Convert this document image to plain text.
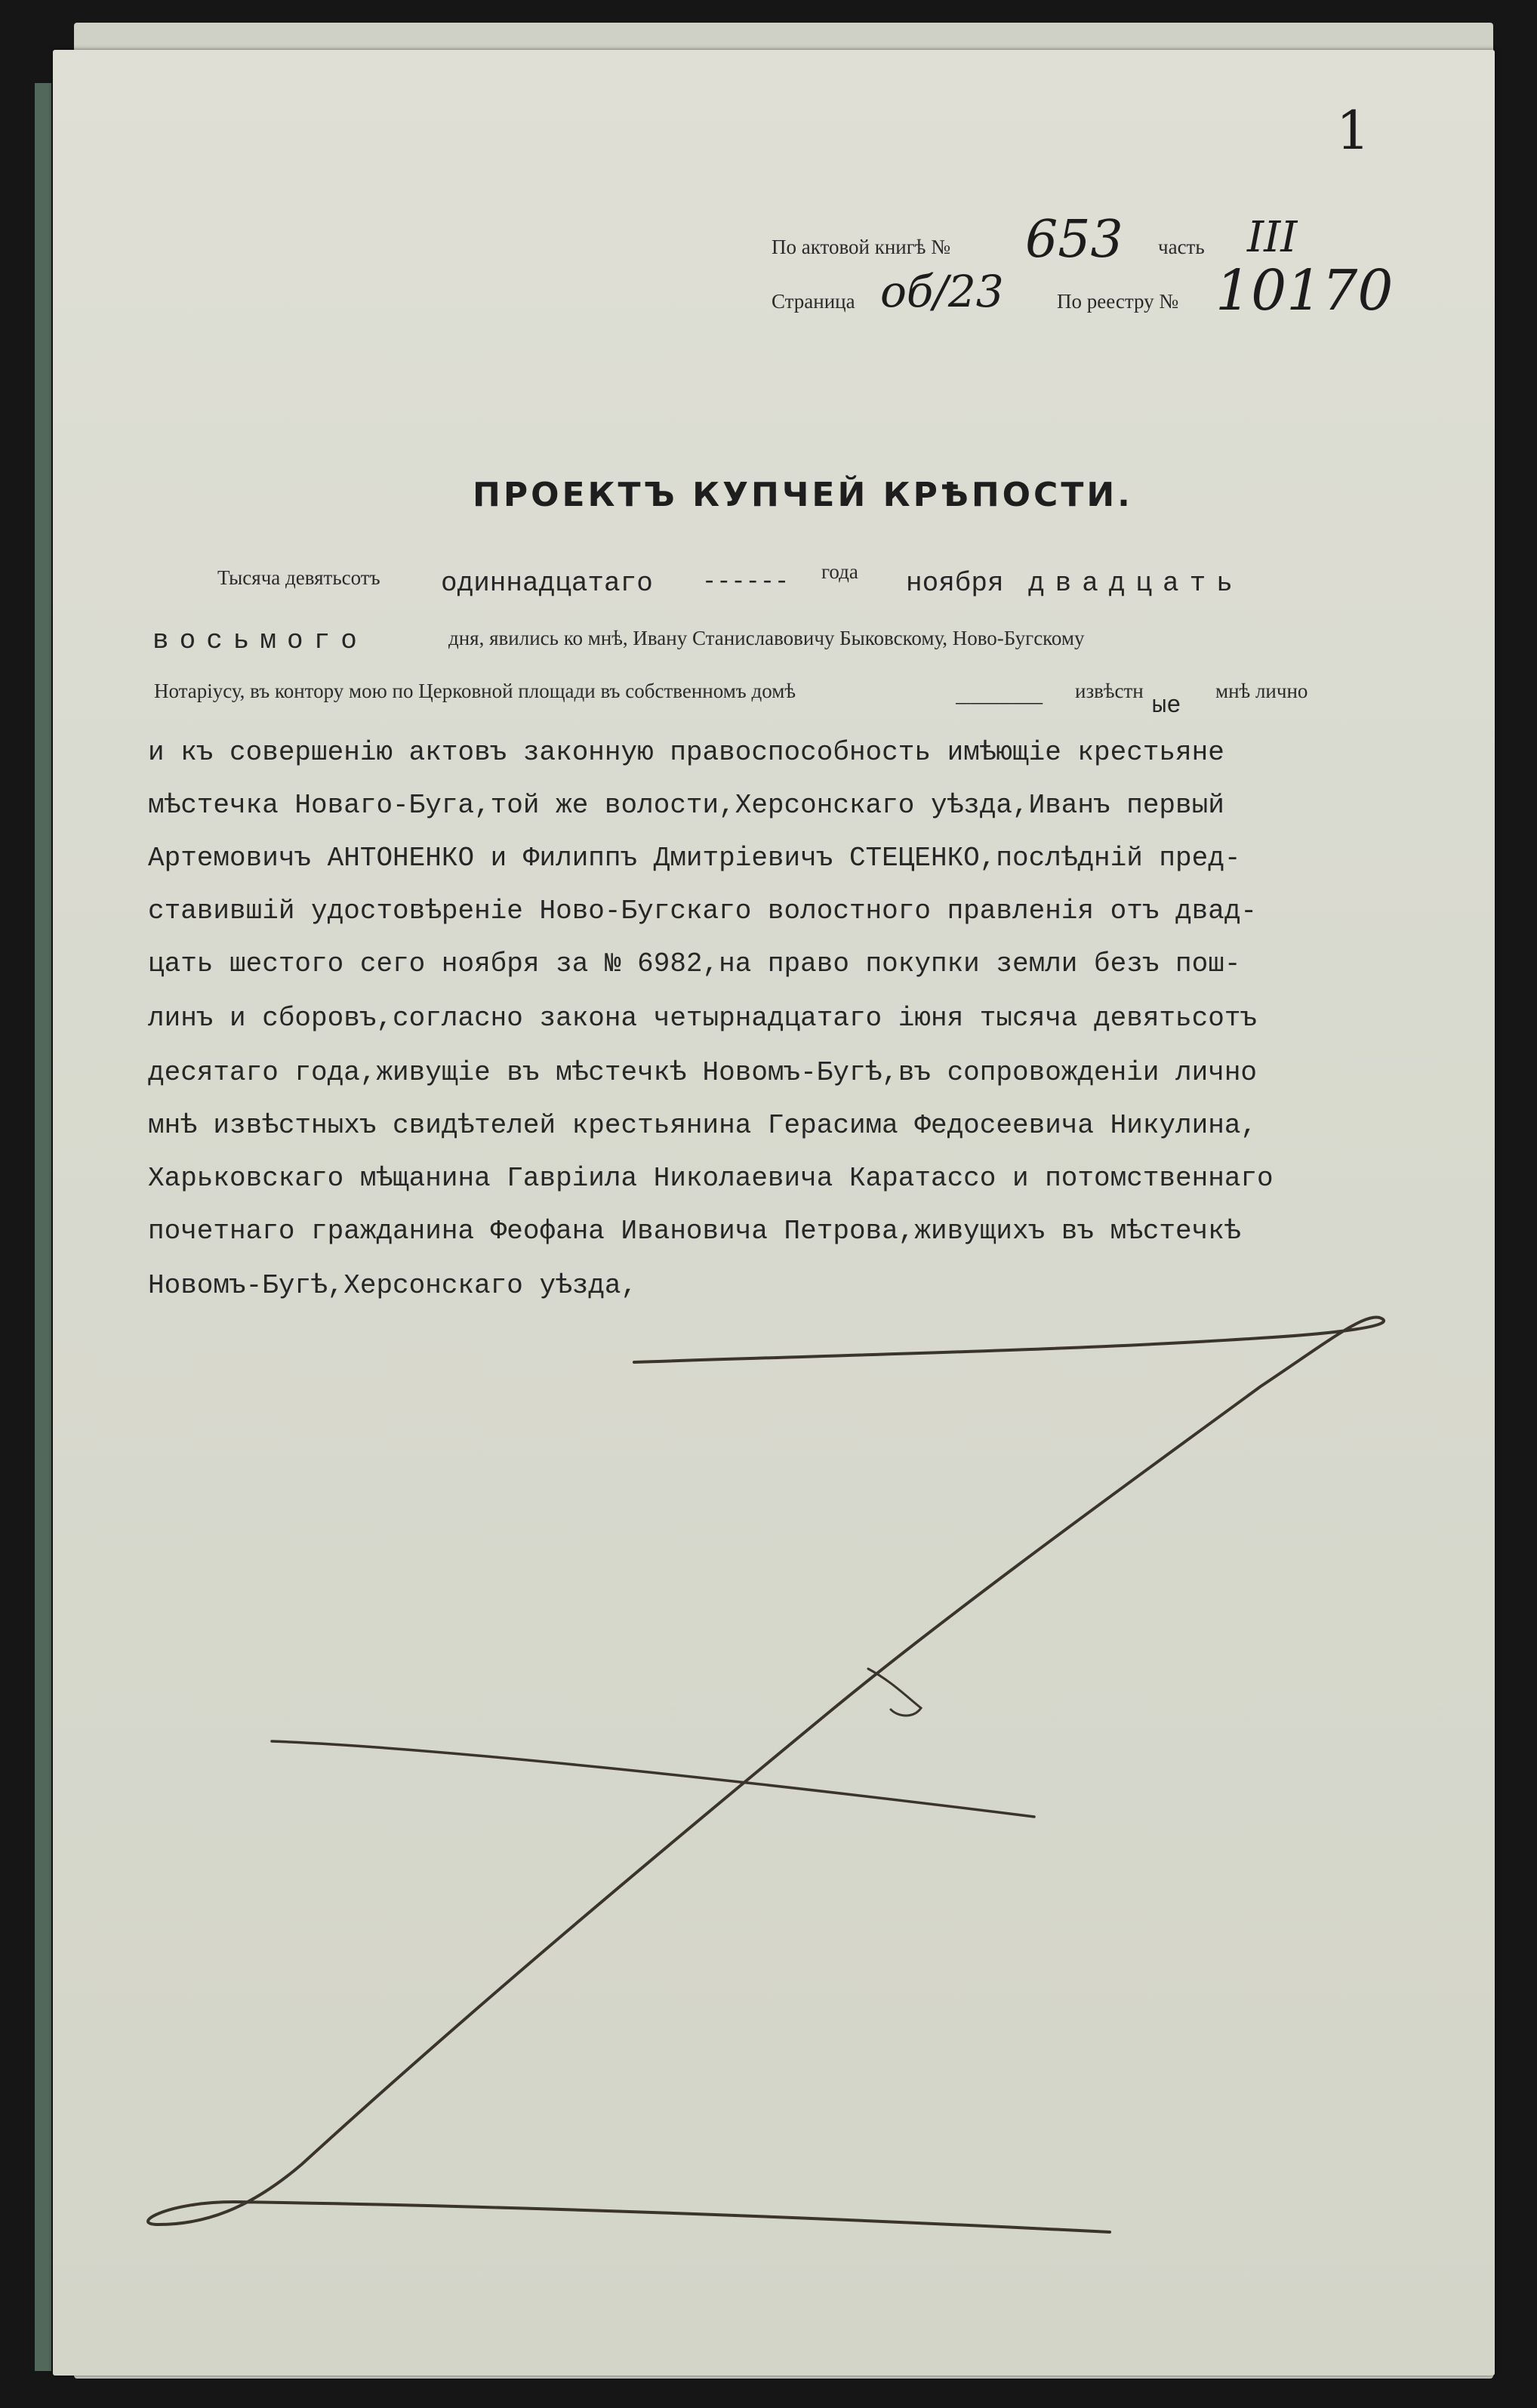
По актовой книгѣ № 653 часть III
Страница об/23	По реестру № 10170
1
ПРОЕКТЪ КУПЧЕЙ КРѢПОСТИ.
Тысяча девятьсотъ одиннадцатаго ------ года ноября двадцать
восьмого	дня, явились ко мнѣ, Ивану Станиславовичу Быковскому, Ново-Бугскому
Нотаріусу, въ контору мою по Церковной площади въ собственномъ домѣ	______ извѣстн
ые
мнѣ лично
и къ совершенію актовъ законную правоспособность имѣющіе крестьяне
мѣстечка Новаго-Буга,той же волости,Херсонскаго уѣзда,Иванъ первый
Артемовичъ АНТОНЕНКО и Филиппъ Дмитріевичъ СТЕЦЕНКО,послѣдній пред-
ставившій удостовѣреніе Ново-Бугскаго волостного правленія отъ двад-
цать шестого сего ноября за № 6982,на право покупки земли безъ пош-
линъ и сборовъ,согласно закона четырнадцатаго іюня тысяча девятьсотъ
десятаго года,живущіе въ мѣстечкѣ Новомъ-Бугѣ,въ сопровожденіи лично
мнѣ извѣстныхъ свидѣтелей крестьянина Герасима Федосеевича Никулина,
Харьковскаго мѣщанина Гавріила Николаевича Каратассо и потомственнаго
почетнаго гражданина Феофана Ивановича Петрова,живущихъ въ мѣстечкѣ
Новомъ-Бугѣ,Херсонскаго уѣзда,
